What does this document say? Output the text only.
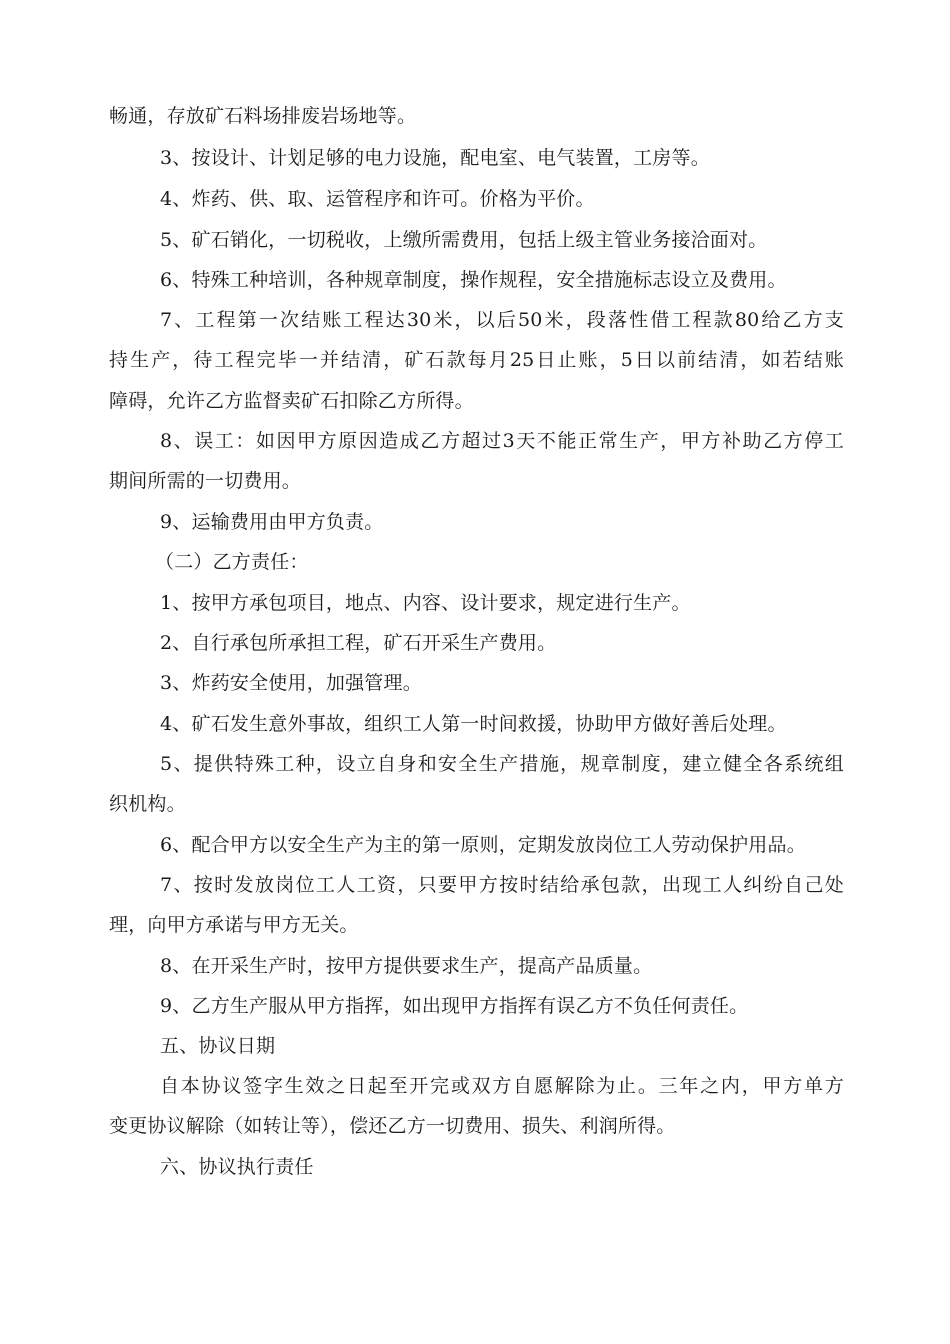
畅通，存放矿石料场排废岩场地等。
3、按设计、计划足够的电力设施，配电室、电气装置，工房等。
4、炸药、供、取、运管程序和许可。价格为平价。
5、矿石销化，一切税收，上缴所需费用，包括上级主管业务接洽面对。
6、特殊工种培训，各种规章制度，操作规程，安全措施标志设立及费用。
7、工程第一次结账工程达30米，以后50米，段落性借工程款80给乙方支
持生产，待工程完毕一并结清，矿石款每月25日止账，5日以前结清，如若结账
障碍，允许乙方监督卖矿石扣除乙方所得。
8、误工：如因甲方原因造成乙方超过3天不能正常生产，甲方补助乙方停工
期间所需的一切费用。
9、运输费用由甲方负责。
（二）乙方责任：
1、按甲方承包项目，地点、内容、设计要求，规定进行生产。
2、自行承包所承担工程，矿石开采生产费用。
3、炸药安全使用，加强管理。
4、矿石发生意外事故，组织工人第一时间救援，协助甲方做好善后处理。
5、提供特殊工种，设立自身和安全生产措施，规章制度，建立健全各系统组
织机构。
6、配合甲方以安全生产为主的第一原则，定期发放岗位工人劳动保护用品。
7、按时发放岗位工人工资，只要甲方按时结给承包款，出现工人纠纷自己处
理，向甲方承诺与甲方无关。
8、在开采生产时，按甲方提供要求生产，提高产品质量。
9、乙方生产服从甲方指挥，如出现甲方指挥有误乙方不负任何责任。
五、协议日期
自本协议签字生效之日起至开完或双方自愿解除为止。三年之内，甲方单方
变更协议解除（如转让等），偿还乙方一切费用、损失、利润所得。
六、协议执行责任
